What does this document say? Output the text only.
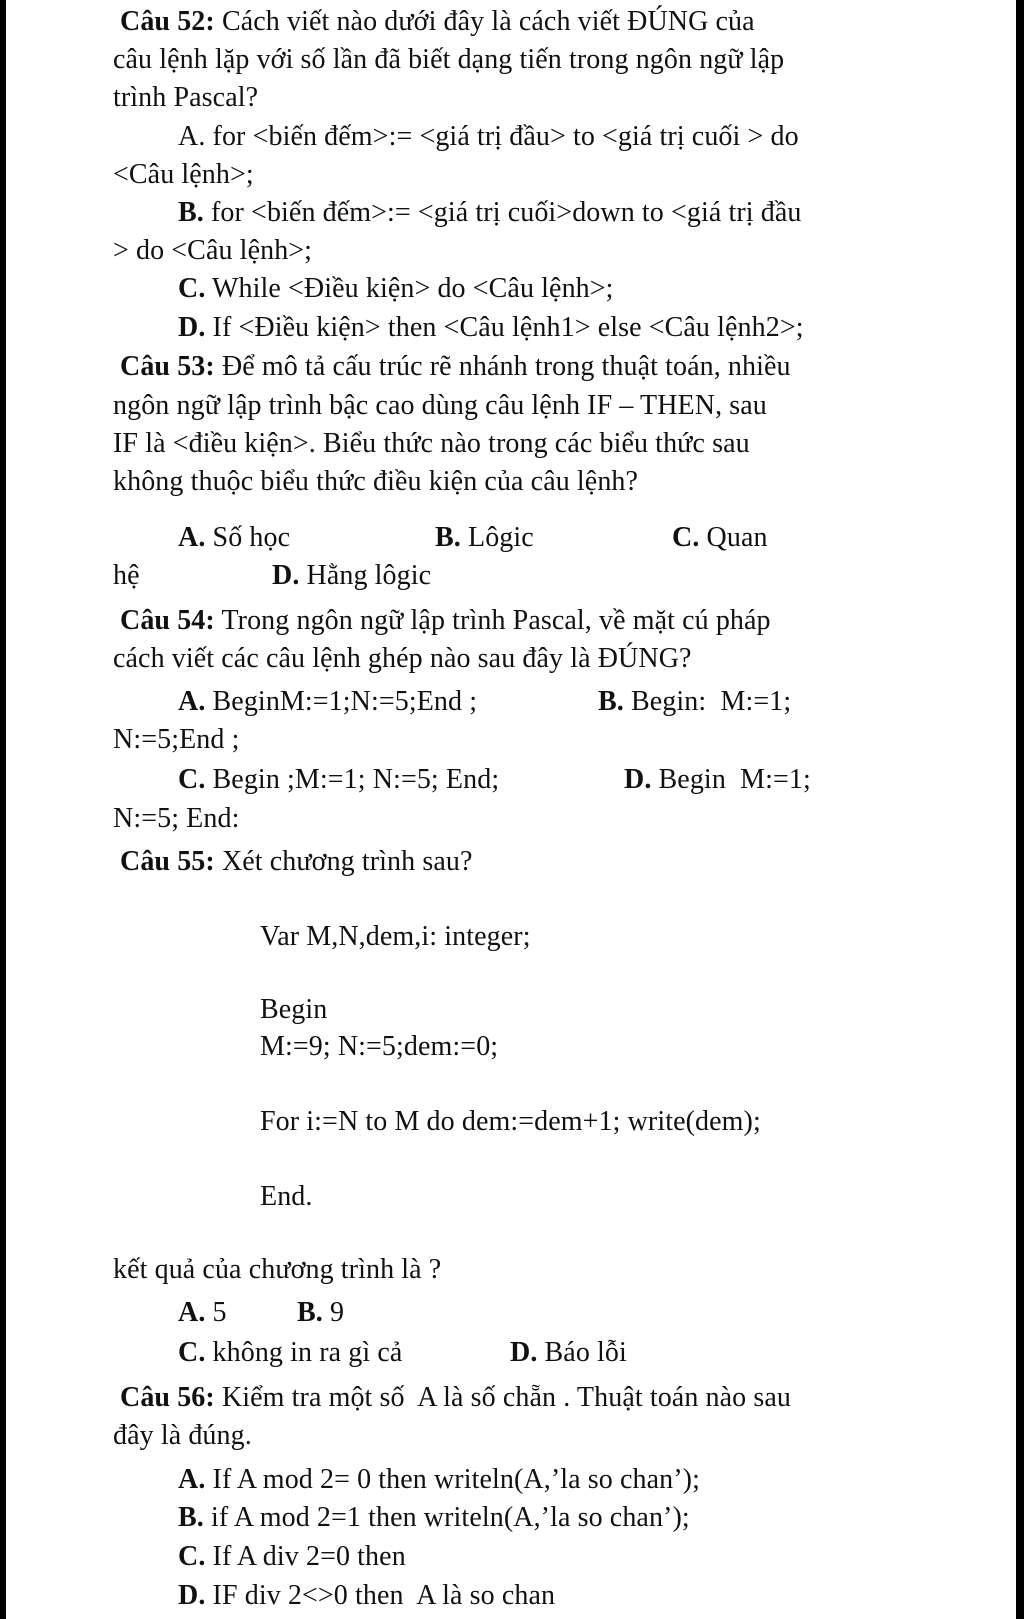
Câu 52: Cách viết nào dưới đây là cách viết ĐÚNG của
câu lệnh lặp với số lần đã biết dạng tiến trong ngôn ngữ lập
trình Pascal?
A. for <biến đếm>:= <giá trị đầu> to <giá trị cuối > do
<Câu lệnh>;
B. for <biến đếm>:= <giá trị cuối>down to <giá trị đầu
> do <Câu lệnh>;
C. While <Điều kiện> do <Câu lệnh>;
D. If <Điều kiện> then <Câu lệnh1> else <Câu lệnh2>;
Câu 53: Để mô tả cấu trúc rẽ nhánh trong thuật toán, nhiều
ngôn ngữ lập trình bậc cao dùng câu lệnh IF – THEN, sau
IF là <điều kiện>. Biểu thức nào trong các biểu thức sau
không thuộc biểu thức điều kiện của câu lệnh?
A. Số học	B. Lôgic	C. Quan
hệ	D. Hằng lôgic
Câu 54: Trong ngôn ngữ lập trình Pascal, về mặt cú pháp
cách viết các câu lệnh ghép nào sau đây là ĐÚNG?
A. BeginM:=1;N:=5;End ;	B. Begin:  M:=1;
N:=5;End ;
C. Begin ;M:=1; N:=5; End;	D. Begin  M:=1;
N:=5; End:
Câu 55: Xét chương trình sau?
Var M,N,dem,i: integer;
Begin
M:=9; N:=5;dem:=0;
For i:=N to M do dem:=dem+1; write(dem);
End.
kết quả của chương trình là ?
A. 5	B. 9
C. không in ra gì cả	D. Báo lỗi
Câu 56: Kiểm tra một số  A là số chẵn . Thuật toán nào sau
đây là đúng.
A. If A mod 2= 0 then writeln(A,’la so chan’);
B. if A mod 2=1 then writeln(A,’la so chan’);
C. If A div 2=0 then
D. IF div 2<>0 then  A là so chan
